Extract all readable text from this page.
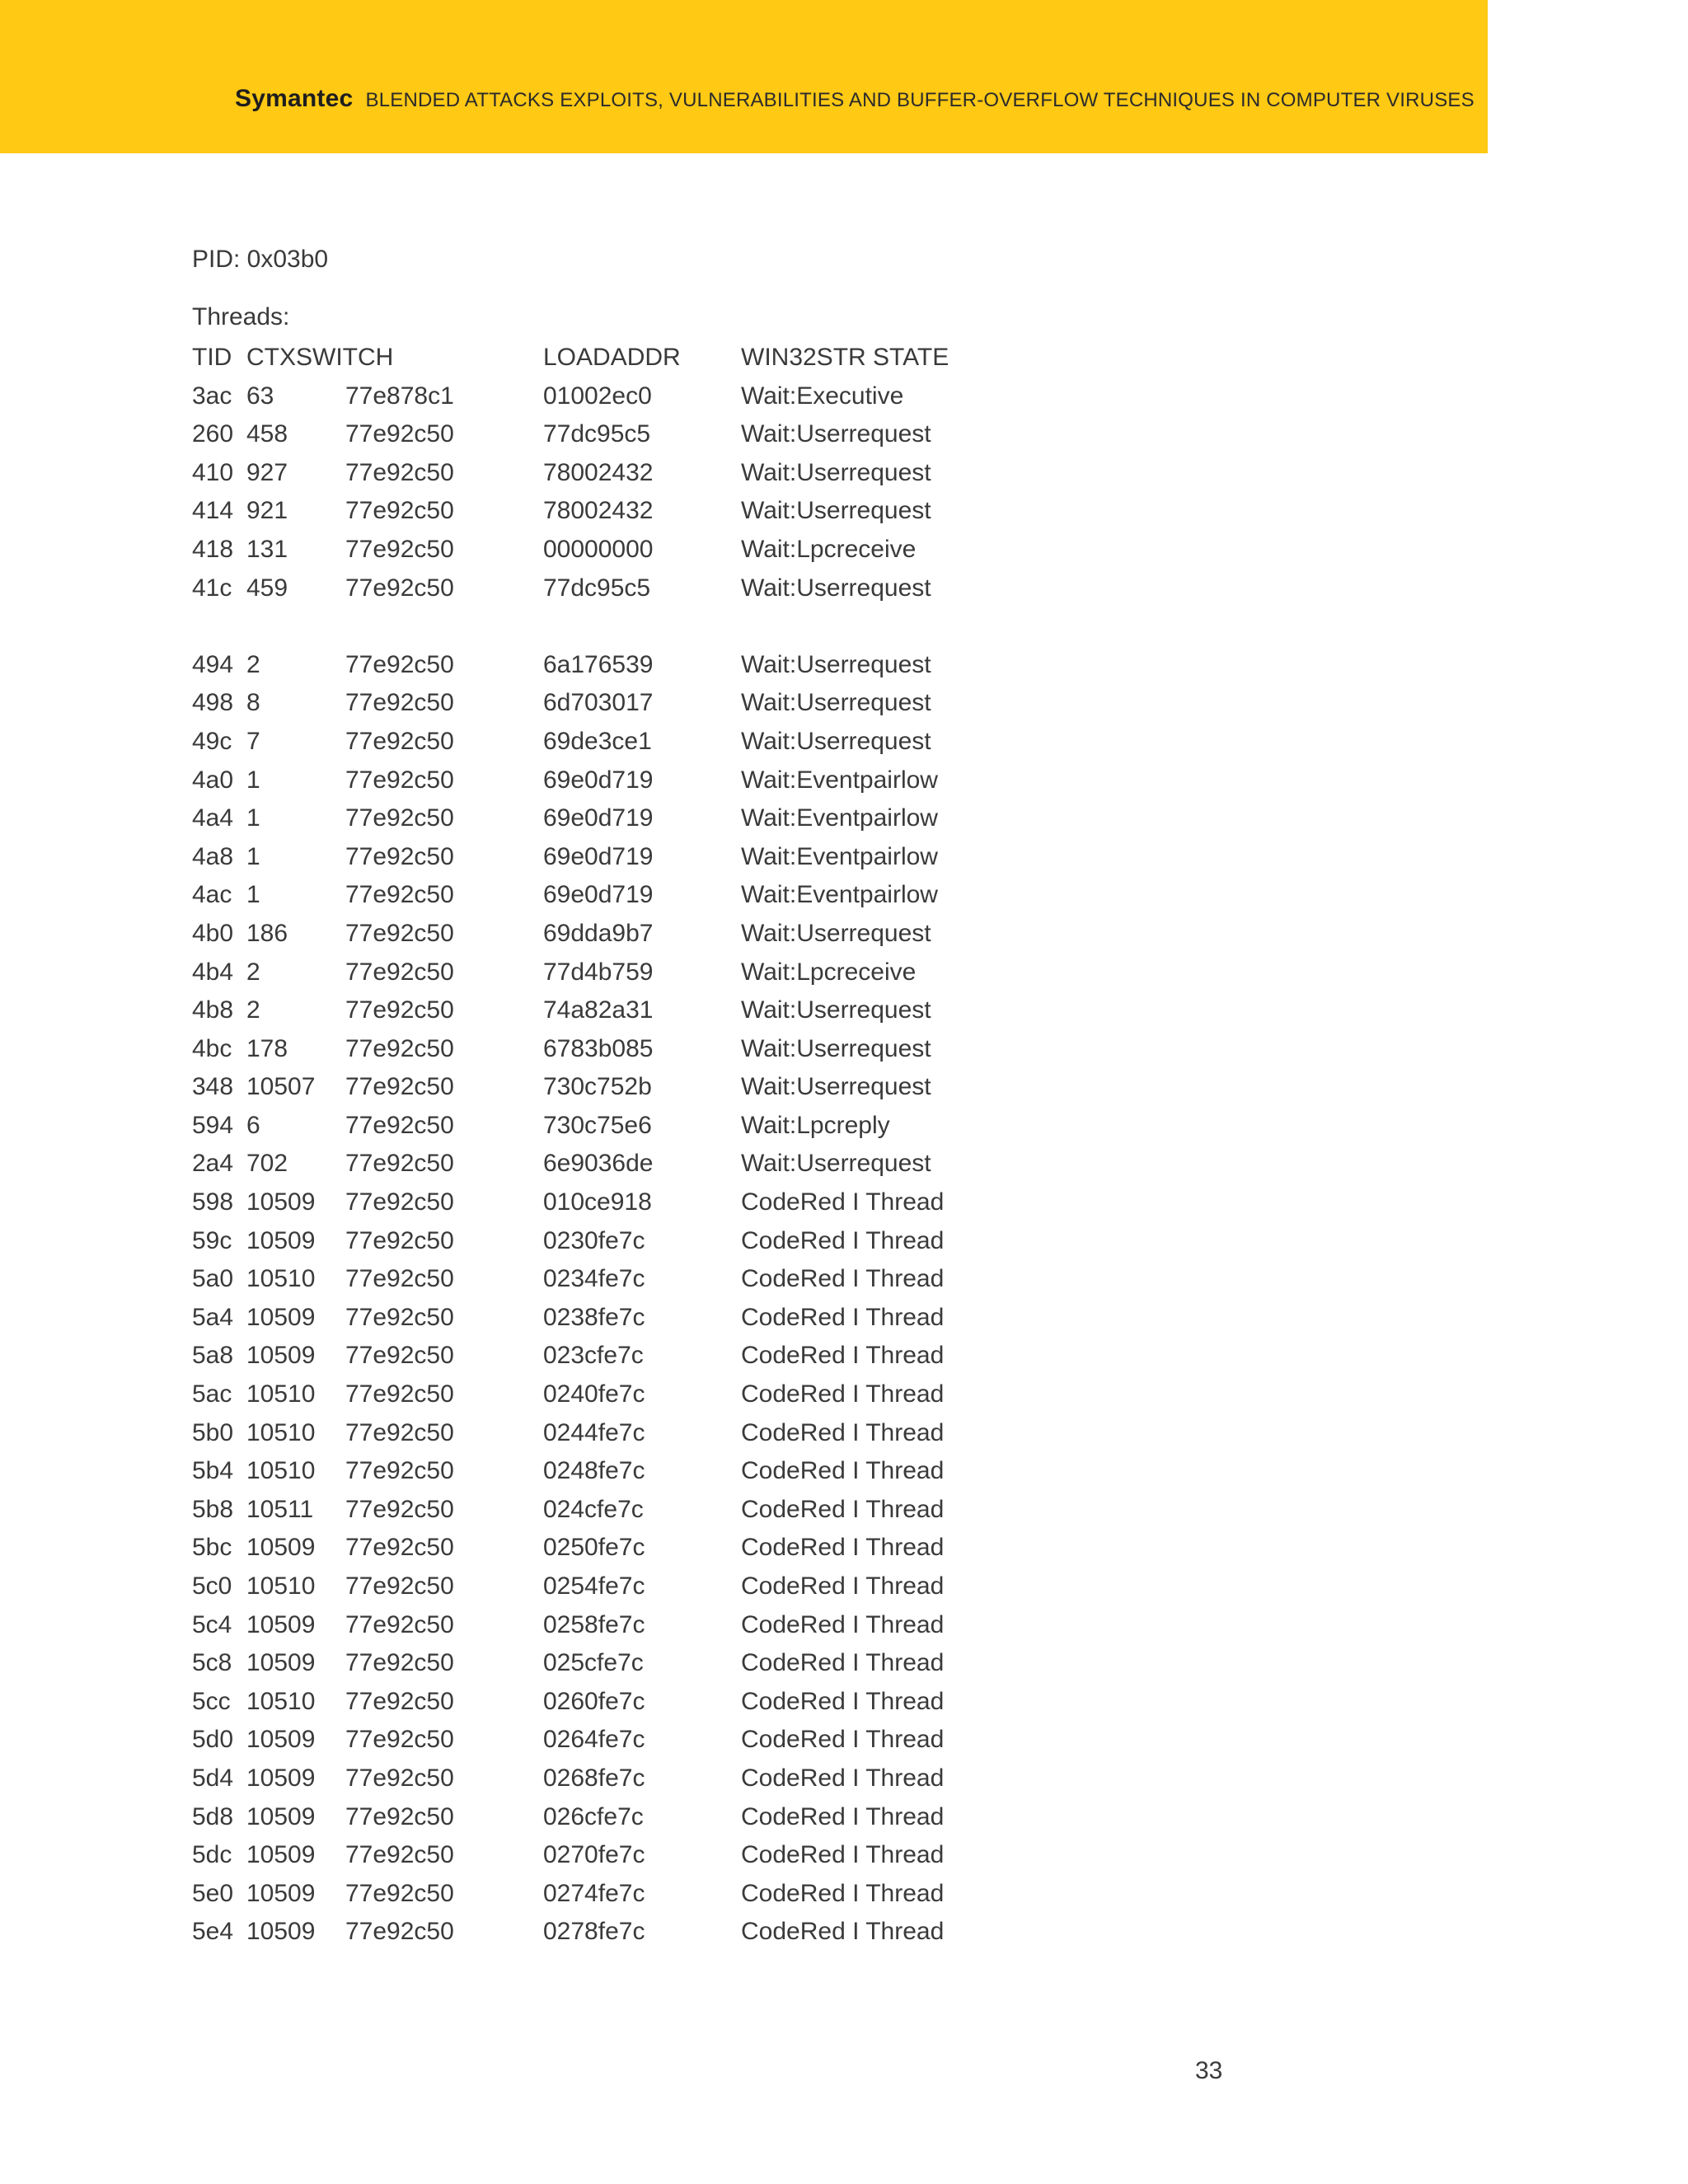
Symantec BLENDED ATTACKS EXPLOITS, VULNERABILITIES AND BUFFER-OVERFLOW TECHNIQUES IN COMPUTER VIRUSES
PID: 0x03b0
Threads:
TID CTXSWITCH	LOADADDR WIN32STR STATE
3ac 63	77e878c1	01002ec0	Wait:Executive
260 458 77e92c50	77dc95c5	Wait:Userrequest
410 927 77e92c50	78002432	Wait:Userrequest
414 921 77e92c50	78002432	Wait:Userrequest
418 131 77e92c50	00000000	Wait:Lpcreceive
41c 459 77e92c50	77dc95c5	Wait:Userrequest
494 2	77e92c50	6a176539	Wait:Userrequest
498 8	77e92c50	6d703017	Wait:Userrequest
49c 7	77e92c50	69de3ce1	Wait:Userrequest
4a0 1	77e92c50	69e0d719	Wait:Eventpairlow
4a4 1	77e92c50	69e0d719	Wait:Eventpairlow
4a8 1	77e92c50	69e0d719	Wait:Eventpairlow
4ac 1	77e92c50	69e0d719	Wait:Eventpairlow
4b0 186 77e92c50	69dda9b7	Wait:Userrequest
4b4 2	77e92c50	77d4b759	Wait:Lpcreceive
4b8 2	77e92c50	74a82a31	Wait:Userrequest
4bc 178 77e92c50	6783b085	Wait:Userrequest
348 10507 77e92c50	730c752b	Wait:Userrequest
594 6	77e92c50	730c75e6	Wait:Lpcreply
2a4 702 77e92c50	6e9036de	Wait:Userrequest
598 10509 77e92c50	010ce918	CodeRed I Thread
59c 10509 77e92c50	0230fe7c	CodeRed I Thread
5a0 10510 77e92c50	0234fe7c	CodeRed I Thread
5a4 10509 77e92c50	0238fe7c	CodeRed I Thread
5a8 10509 77e92c50	023cfe7c	CodeRed I Thread
5ac 10510 77e92c50	0240fe7c	CodeRed I Thread
5b0 10510 77e92c50	0244fe7c	CodeRed I Thread
5b4 10510 77e92c50	0248fe7c	CodeRed I Thread
5b8 10511 77e92c50	024cfe7c	CodeRed I Thread
5bc 10509 77e92c50	0250fe7c	CodeRed I Thread
5c0 10510 77e92c50	0254fe7c	CodeRed I Thread
5c4 10509 77e92c50	0258fe7c	CodeRed I Thread
5c8 10509 77e92c50	025cfe7c	CodeRed I Thread
5cc 10510 77e92c50	0260fe7c	CodeRed I Thread
5d0 10509 77e92c50	0264fe7c	CodeRed I Thread
5d4 10509 77e92c50	0268fe7c	CodeRed I Thread
5d8 10509 77e92c50	026cfe7c	CodeRed I Thread
5dc 10509 77e92c50	0270fe7c	CodeRed I Thread
5e0 10509 77e92c50	0274fe7c	CodeRed I Thread
5e4 10509 77e92c50	0278fe7c	CodeRed I Thread
33
